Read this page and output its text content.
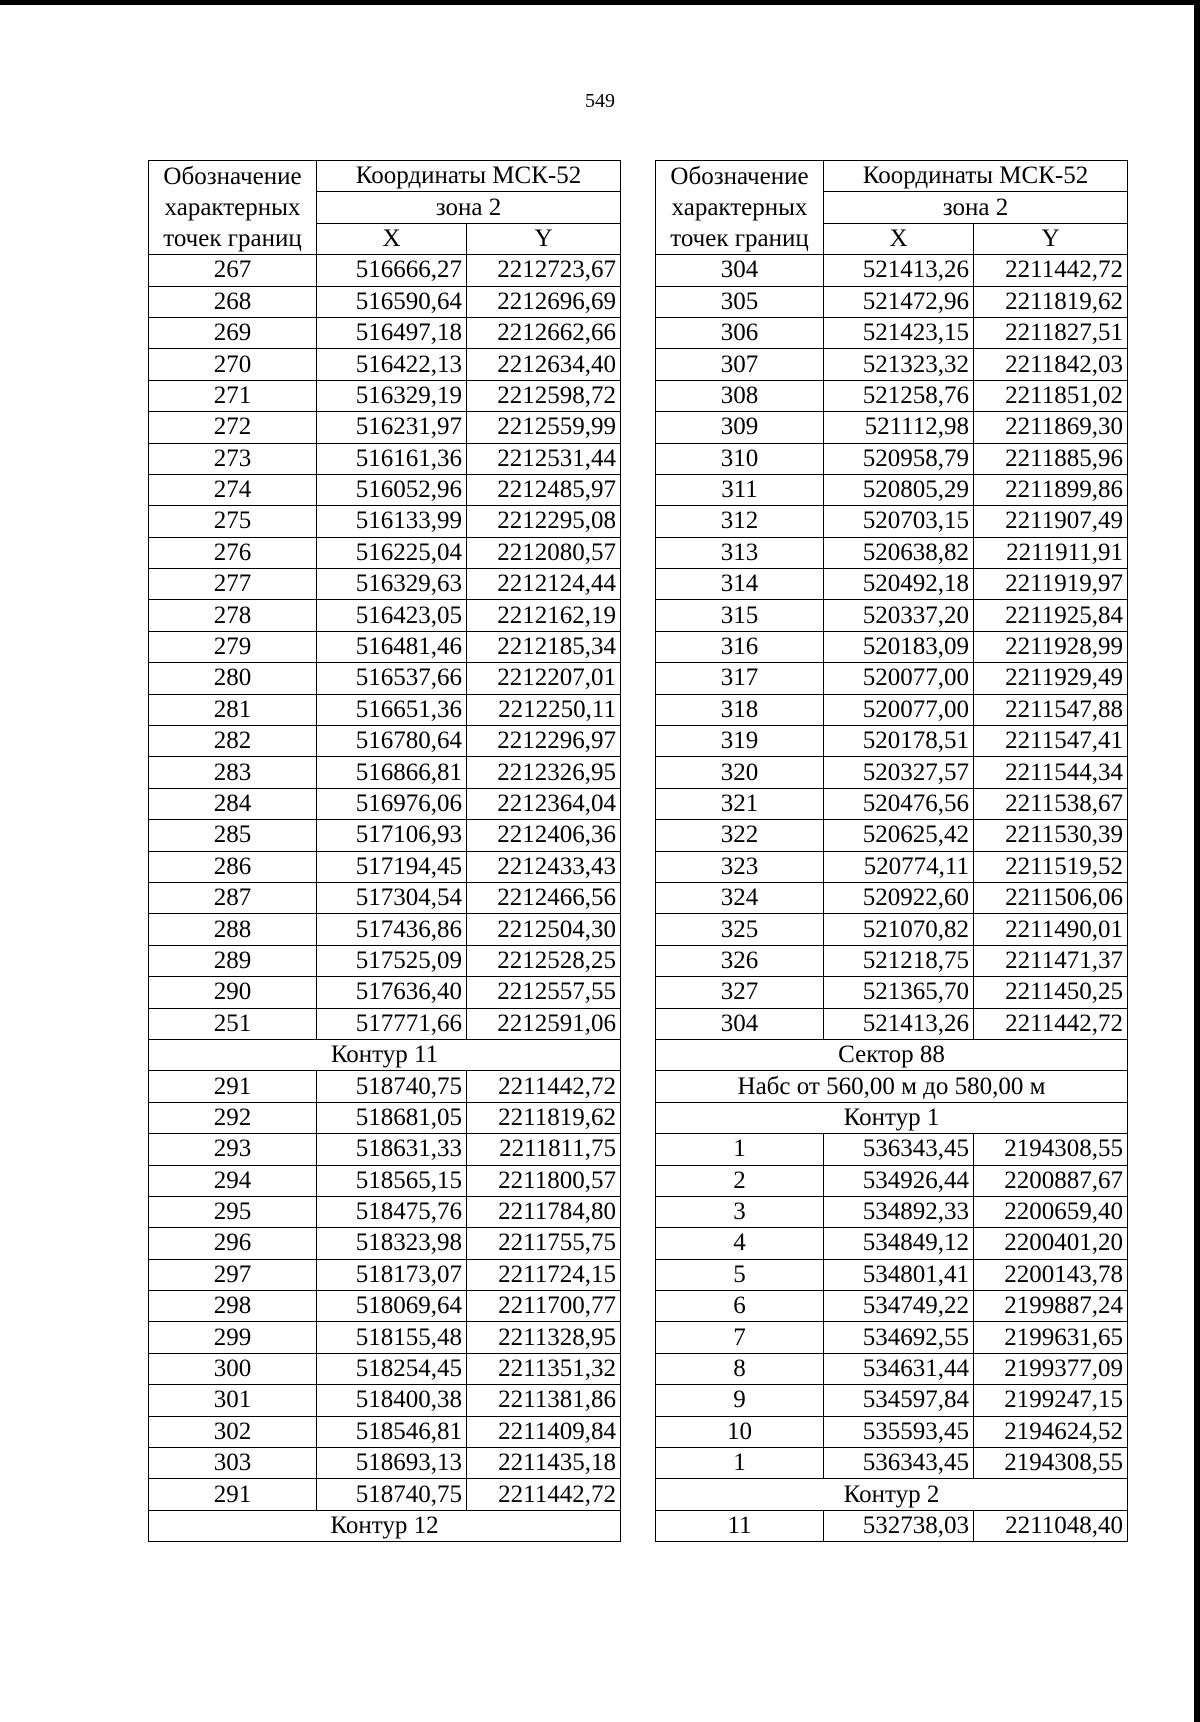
549
Обозначение
характерных
точек границ	Координаты МСК-52	
	зона 2	
	X	Y
267	516666,27	2212723,67
268	516590,64	2212696,69
269	516497,18	2212662,66
270	516422,13	2212634,40
271	516329,19	2212598,72
272	516231,97	2212559,99
273	516161,36	2212531,44
274	516052,96	2212485,97
275	516133,99	2212295,08
276	516225,04	2212080,57
277	516329,63	2212124,44
278	516423,05	2212162,19
279	516481,46	2212185,34
280	516537,66	2212207,01
281	516651,36	2212250,11
282	516780,64	2212296,97
283	516866,81	2212326,95
284	516976,06	2212364,04
285	517106,93	2212406,36
286	517194,45	2212433,43
287	517304,54	2212466,56
288	517436,86	2212504,30
289	517525,09	2212528,25
290	517636,40	2212557,55
251	517771,66	2212591,06
Контур 11		
291	518740,75	2211442,72
292	518681,05	2211819,62
293	518631,33	2211811,75
294	518565,15	2211800,57
295	518475,76	2211784,80
296	518323,98	2211755,75
297	518173,07	2211724,15
298	518069,64	2211700,77
299	518155,48	2211328,95
300	518254,45	2211351,32
301	518400,38	2211381,86
302	518546,81	2211409,84
303	518693,13	2211435,18
291	518740,75	2211442,72
Контур 12		
Обозначение
характерных
точек границ	Координаты МСК-52	
	зона 2	
	X	Y
304	521413,26	2211442,72
305	521472,96	2211819,62
306	521423,15	2211827,51
307	521323,32	2211842,03
308	521258,76	2211851,02
309	521112,98	2211869,30
310	520958,79	2211885,96
311	520805,29	2211899,86
312	520703,15	2211907,49
313	520638,82	2211911,91
314	520492,18	2211919,97
315	520337,20	2211925,84
316	520183,09	2211928,99
317	520077,00	2211929,49
318	520077,00	2211547,88
319	520178,51	2211547,41
320	520327,57	2211544,34
321	520476,56	2211538,67
322	520625,42	2211530,39
323	520774,11	2211519,52
324	520922,60	2211506,06
325	521070,82	2211490,01
326	521218,75	2211471,37
327	521365,70	2211450,25
304	521413,26	2211442,72
Сектор 88		
Набс от 560,00 м до 580,00 м		
Контур 1		
1	536343,45	2194308,55
2	534926,44	2200887,67
3	534892,33	2200659,40
4	534849,12	2200401,20
5	534801,41	2200143,78
6	534749,22	2199887,24
7	534692,55	2199631,65
8	534631,44	2199377,09
9	534597,84	2199247,15
10	535593,45	2194624,52
1	536343,45	2194308,55
Контур 2		
11	532738,03	2211048,40
